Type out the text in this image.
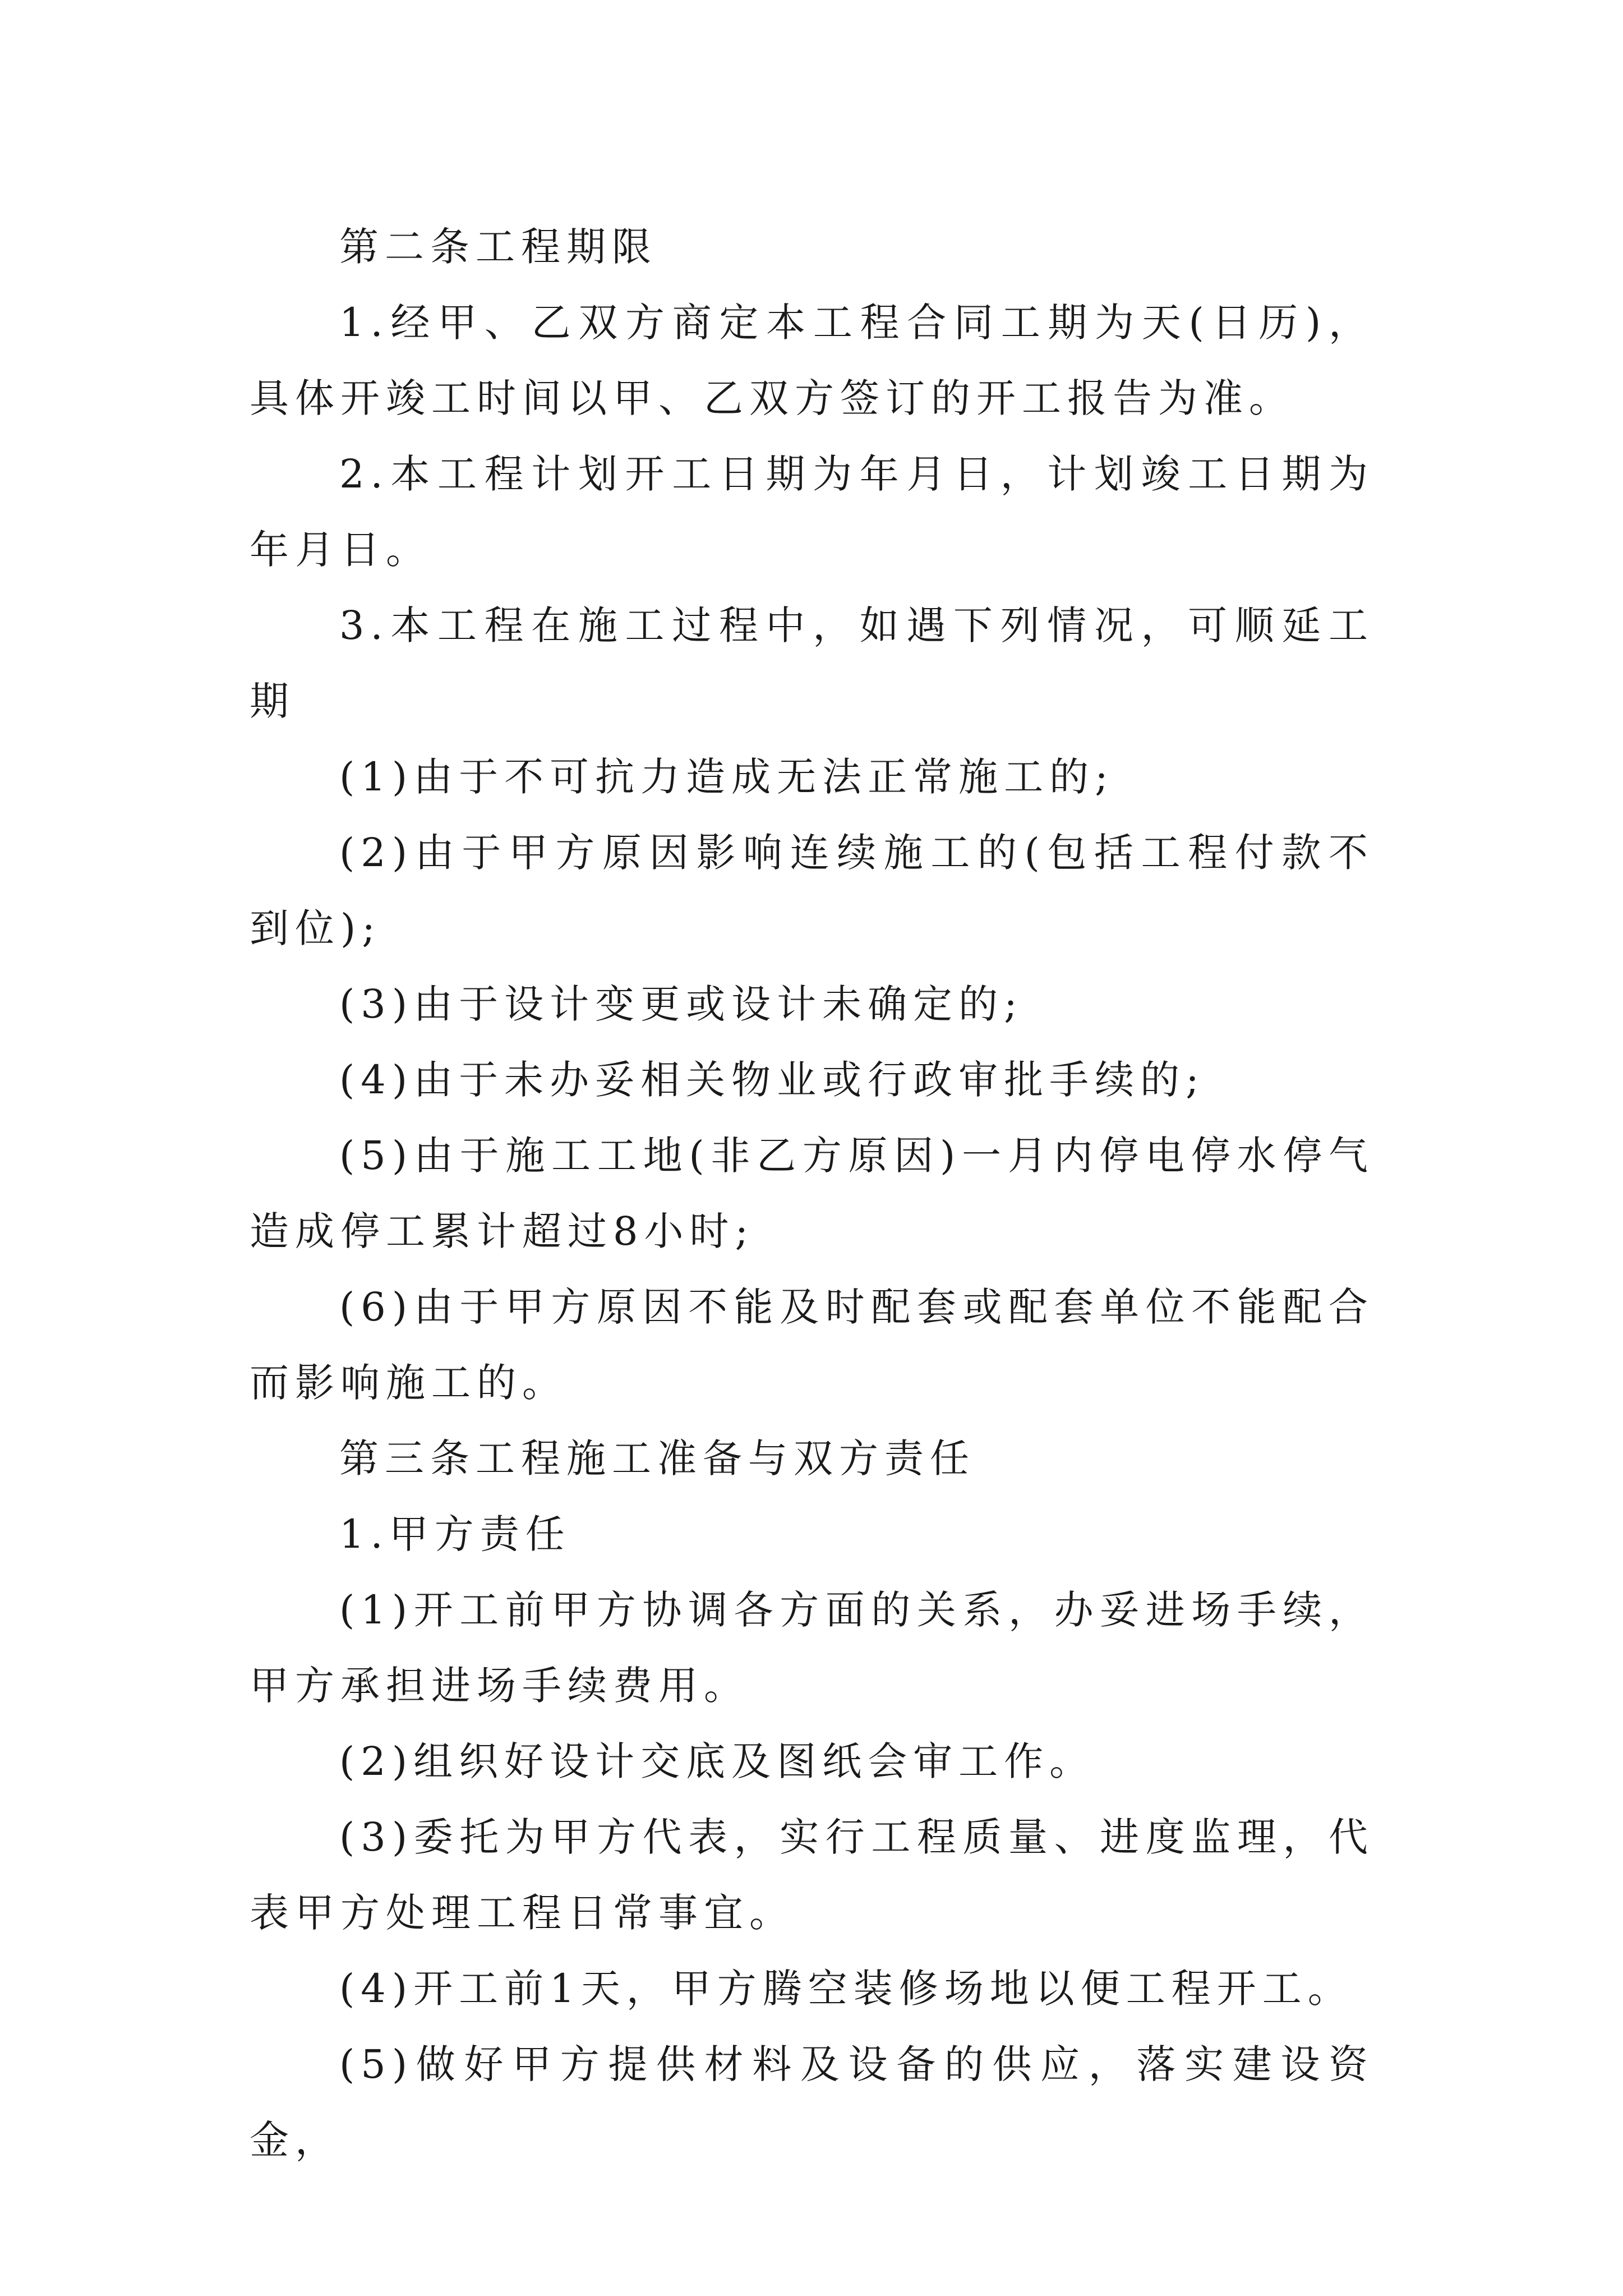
第二条工程期限

1.经甲、乙双方商定本工程合同工期为天(日历)，具体开竣工时间以甲、乙双方签订的开工报告为准。

2.本工程计划开工日期为年月日，计划竣工日期为年月日。

3.本工程在施工过程中，如遇下列情况，可顺延工期

(1)由于不可抗力造成无法正常施工的;

(2)由于甲方原因影响连续施工的(包括工程付款不到位);

(3)由于设计变更或设计未确定的;

(4)由于未办妥相关物业或行政审批手续的;

(5)由于施工工地(非乙方原因)一月内停电停水停气造成停工累计超过8小时;

(6)由于甲方原因不能及时配套或配套单位不能配合而影响施工的。

第三条工程施工准备与双方责任

1.甲方责任

(1)开工前甲方协调各方面的关系，办妥进场手续，甲方承担进场手续费用。

(2)组织好设计交底及图纸会审工作。

(3)委托为甲方代表，实行工程质量、进度监理，代表甲方处理工程日常事宜。

(4)开工前1天，甲方腾空装修场地以便工程开工。

(5)做好甲方提供材料及设备的供应，落实建设资金，
